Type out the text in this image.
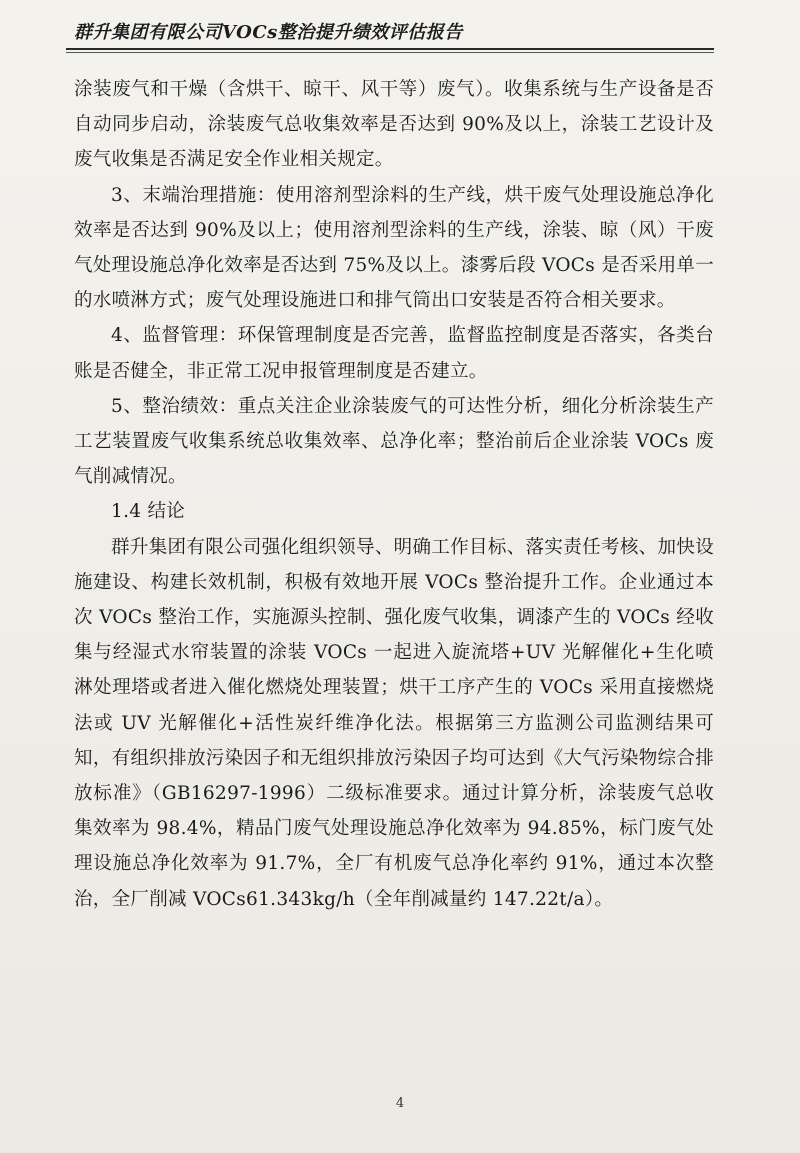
群升集团有限公司VOCs整治提升绩效评估报告

涂装废气和干燥（含烘干、晾干、风干等）废气）。收集系统与生产设备是否自动同步启动，涂装废气总收集效率是否达到 90%及以上，涂装工艺设计及废气收集是否满足安全作业相关规定。

3、末端治理措施：使用溶剂型涂料的生产线，烘干废气处理设施总净化效率是否达到 90%及以上；使用溶剂型涂料的生产线，涂装、晾（风）干废气处理设施总净化效率是否达到 75%及以上。漆雾后段 VOCs 是否采用单一的水喷淋方式；废气处理设施进口和排气筒出口安装是否符合相关要求。

4、监督管理：环保管理制度是否完善，监督监控制度是否落实，各类台账是否健全，非正常工况申报管理制度是否建立。

5、整治绩效：重点关注企业涂装废气的可达性分析，细化分析涂装生产工艺装置废气收集系统总收集效率、总净化率；整治前后企业涂装 VOCs 废气削减情况。

1.4 结论

群升集团有限公司强化组织领导、明确工作目标、落实责任考核、加快设施建设、构建长效机制，积极有效地开展 VOCs 整治提升工作。企业通过本次 VOCs 整治工作，实施源头控制、强化废气收集，调漆产生的 VOCs 经收集与经湿式水帘装置的涂装 VOCs 一起进入旋流塔+UV 光解催化+生化喷淋处理塔或者进入催化燃烧处理装置；烘干工序产生的 VOCs 采用直接燃烧法或 UV 光解催化+活性炭纤维净化法。根据第三方监测公司监测结果可知，有组织排放污染因子和无组织排放污染因子均可达到《大气污染物综合排放标准》（GB16297-1996）二级标准要求。通过计算分析，涂装废气总收集效率为 98.4%，精品门废气处理设施总净化效率为 94.85%，标门废气处理设施总净化效率为 91.7%，全厂有机废气总净化率约 91%，通过本次整治，全厂削减 VOCs61.343kg/h（全年削减量约 147.22t/a）。

4
